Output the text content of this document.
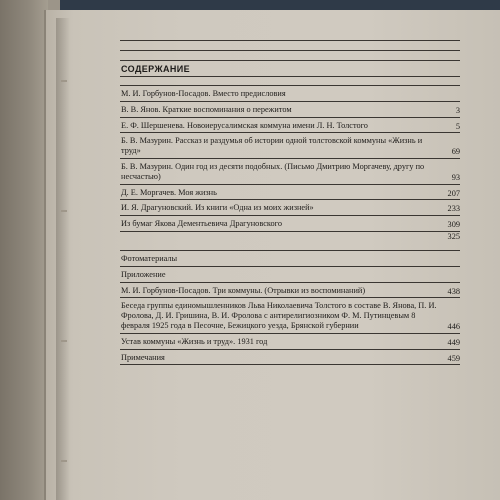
СОДЕРЖАНИЕ
М. И. Горбунов-Посадов. Вместо предисловия
В. В. Янов. Краткие воспоминания о пережитом	3
Е. Ф. Шершенева. Новоиерусалимская коммуна имени Л. Н. Толстого	5
Б. В. Мазурин. Рассказ и раздумья об истории одной толстовской коммуны «Жизнь и труд»	69
Б. В. Мазурин. Один год из десяти подобных. (Письмо Дмитрию Моргачеву, другу по несчастью)	93
Д. Е. Моргачев. Моя жизнь	207
И. Я. Драгуновский. Из книги «Одна из моих жизней»	233
Из бумаг Якова Дементьевича Драгуновского	309
325
Фотоматериалы
Приложение
М. И. Горбунов-Посадов. Три коммуны. (Отрывки из воспоминаний)	438
Беседа группы единомышленников Льва Николаевича Толстого в составе В. Янова, П. И. Фролова, Д. И. Гришина, В. И. Фролова с антирелигиозником Ф. М. Путинцевым 8 февраля 1925 года в Песочне, Бежицкого уезда, Брянской губернии	446
Устав коммуны «Жизнь и труд». 1931 год	449
Примечания	459
